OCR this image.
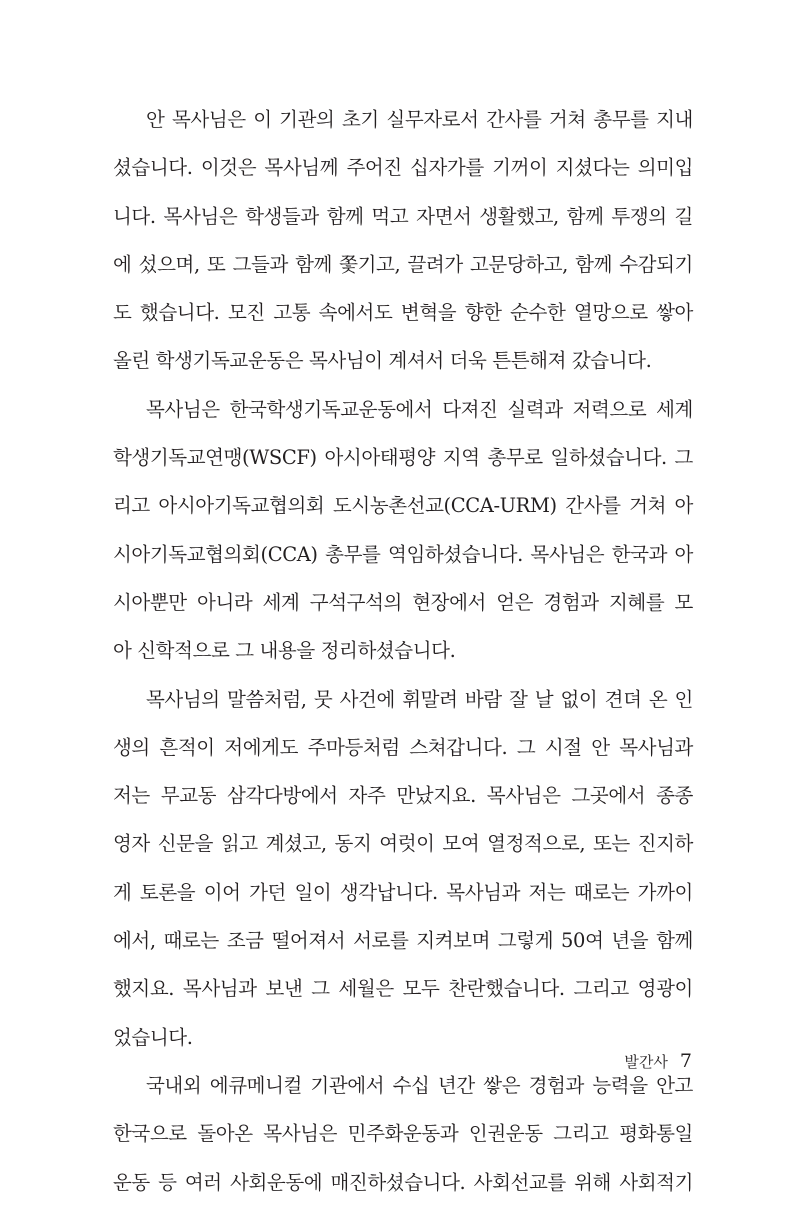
안 목사님은 이 기관의 초기 실무자로서 간사를 거쳐 총무를 지내
셨습니다. 이것은 목사님께 주어진 십자가를 기꺼이 지셨다는 의미입
니다. 목사님은 학생들과 함께 먹고 자면서 생활했고, 함께 투쟁의 길
에 섰으며, 또 그들과 함께 쫓기고, 끌려가 고문당하고, 함께 수감되기
도 했습니다. 모진 고통 속에서도 변혁을 향한 순수한 열망으로 쌓아
올린 학생기독교운동은 목사님이 계셔서 더욱 튼튼해져 갔습니다.
목사님은 한국학생기독교운동에서 다져진 실력과 저력으로 세계
학생기독교연맹(WSCF) 아시아태평양 지역 총무로 일하셨습니다. 그
리고 아시아기독교협의회 도시농촌선교(CCA-URM) 간사를 거쳐 아
시아기독교협의회(CCA) 총무를 역임하셨습니다. 목사님은 한국과 아
시아뿐만 아니라 세계 구석구석의 현장에서 얻은 경험과 지혜를 모
아 신학적으로 그 내용을 정리하셨습니다.
목사님의 말씀처럼, 뭇 사건에 휘말려 바람 잘 날 없이 견뎌 온 인
생의 흔적이 저에게도 주마등처럼 스쳐갑니다. 그 시절 안 목사님과
저는 무교동 삼각다방에서 자주 만났지요. 목사님은 그곳에서 종종
영자 신문을 읽고 계셨고, 동지 여럿이 모여 열정적으로, 또는 진지하
게 토론을 이어 가던 일이 생각납니다. 목사님과 저는 때로는 가까이
에서, 때로는 조금 떨어져서 서로를 지켜보며 그렇게 50여 년을 함께
했지요. 목사님과 보낸 그 세월은 모두 찬란했습니다. 그리고 영광이
었습니다.
국내외 에큐메니컬 기관에서 수십 년간 쌓은 경험과 능력을 안고
한국으로 돌아온 목사님은 민주화운동과 인권운동 그리고 평화통일
운동 등 여러 사회운동에 매진하셨습니다. 사회선교를 위해 사회적기
발간사 7
